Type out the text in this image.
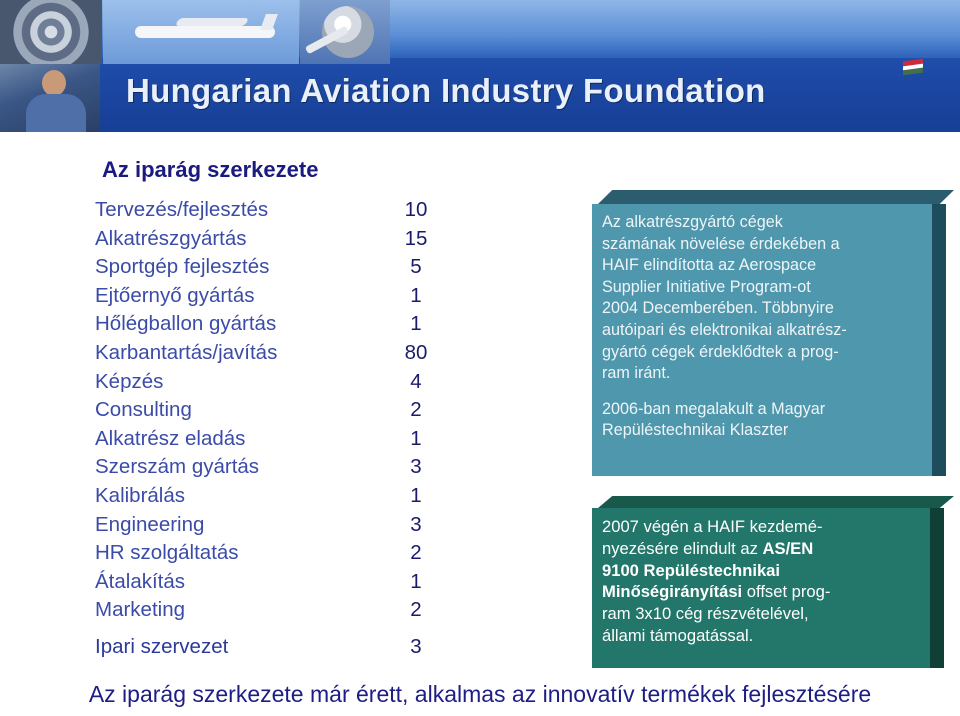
Hungarian Aviation Industry Foundation
Az iparág szerkezete
Tervezés/fejlesztés	10
Alkatrészgyártás	15
Sportgép fejlesztés	5
Ejtőernyő gyártás	1
Hőlégballon gyártás	1
Karbantartás/javítás	80
Képzés	4
Consulting	2
Alkatrész eladás	1
Szerszám gyártás	3
Kalibrálás	1
Engineering	3
HR szolgáltatás	2
Átalakítás	1
Marketing	2
Ipari szervezet	3
Az alkatrészgyártó cégek
számának növelése érdekében a
HAIF elindította az Aerospace
Supplier Initiative Program-ot
2004 Decemberében. Többnyire
autóipari és elektronikai alkatrész-
gyártó cégek érdeklődtek a prog-
ram iránt.
2006-ban megalakult a Magyar
Repüléstechnikai Klaszter
2007 végén a HAIF kezdemé-
nyezésére elindult az AS/EN
9100 Repüléstechnikai
Minőségirányítási offset prog-
ram 3x10 cég részvételével,
állami támogatással.
Az iparág szerkezete már érett, alkalmas az innovatív termékek fejlesztésére
